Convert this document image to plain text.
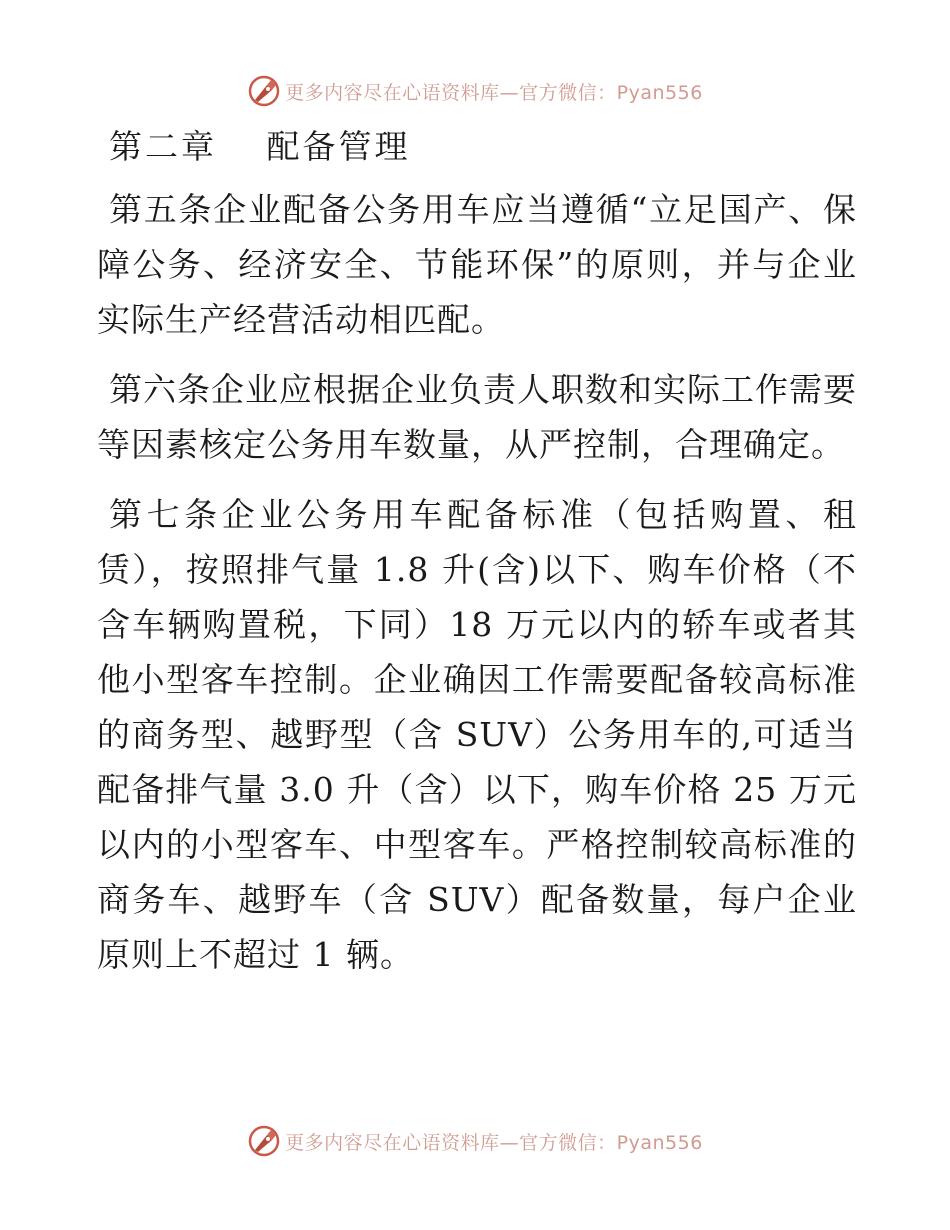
更多内容尽在心语资料库—官方微信：Pyan556
第二章　 配备管理

第五条企业配备公务用车应当遵循“立足国产、保障公务、经济安全、节能环保”的原则，并与企业实际生产经营活动相匹配。

第六条企业应根据企业负责人职数和实际工作需要等因素核定公务用车数量，从严控制，合理确定。

第七条企业公务用车配备标准（包括购置、租赁），按照排气量 1.8 升(含)以下、购车价格（不含车辆购置税，下同）18 万元以内的轿车或者其他小型客车控制。企业确因工作需要配备较高标准的商务型、越野型（含 SUV）公务用车的,可适当配备排气量 3.0 升（含）以下，购车价格 25 万元以内的小型客车、中型客车。严格控制较高标准的商务车、越野车（含 SUV）配备数量，每户企业原则上不超过 1 辆。

更多内容尽在心语资料库—官方微信：Pyan556
